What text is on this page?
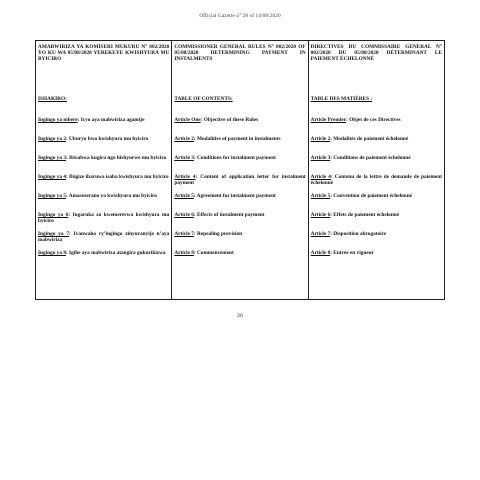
Official Gazette n° 28 of 14/08/2020
AMABWIRIZA YA KOMISERI MUKURU N° 002/2020 YO KU WA 05/08/2020 YEREKEYE KWISHYURA MU BYICIRO
ISHAKIRO:
Ingingo ya mbere: Icyo aya mabwiriza agamije
Ingingo ya 2: Uburyo bwo kwishyura mu byiciro
Ingingo ya 3: Ibisabwa kugira ngo hishyurwe mu byiciro
Ingingo ya 4: Ibigize ibaruwa isaba kwishyura mu byiciro
Ingingo ya 5: Amasezerano yo kwishyura mu byiciro
Ingingo ya 6: Ingaruka zo kwemererwa kwishyura mu byiciro
Ingingo ya 7: Ivanwaho ry’ingingo zinyuranyije n’aya mabwiriza
Ingingo ya 8: Igihe aya mabwiriza atangira gukurikizwa
COMMISSIONER GENERAL RULES N° 002/2020 OF 05/08/2020 DETERMINING PAYMENT IN INSTALMENTS
TABLE OF CONTENTS:
Article One: Objective of these Rules
Article 2: Modalities of payment in instalments
Article 3: Conditions for instalment payment
Article 4: Content of application letter for instalment payment
Article 5: Agreement for instalment payment
Article 6: Effects of instalment payment
Article 7: Repealing provision
Article 8: Commencement
DIRECTIVES DU COMMISSAIRE GENERAL N° 002/2020 DU 05/08/2020 DÉTERMINANT LE PAIEMENT ÉCHELONNÉ
TABLE DES MATIÈRES :
Article Premier: Objet de ces Directives
Article 2: Modalités de paiement échelonné
Article 3: Conditions de paiement échelonné
Article 4: Contenu de la lettre de demande de paiement échelonné
Article 5: Convention de paiement échelonné
Article 6: Effets de paiement échelonné
Article 7: Disposition abrogatoire
Article 8: Entrée en vigueur
20
